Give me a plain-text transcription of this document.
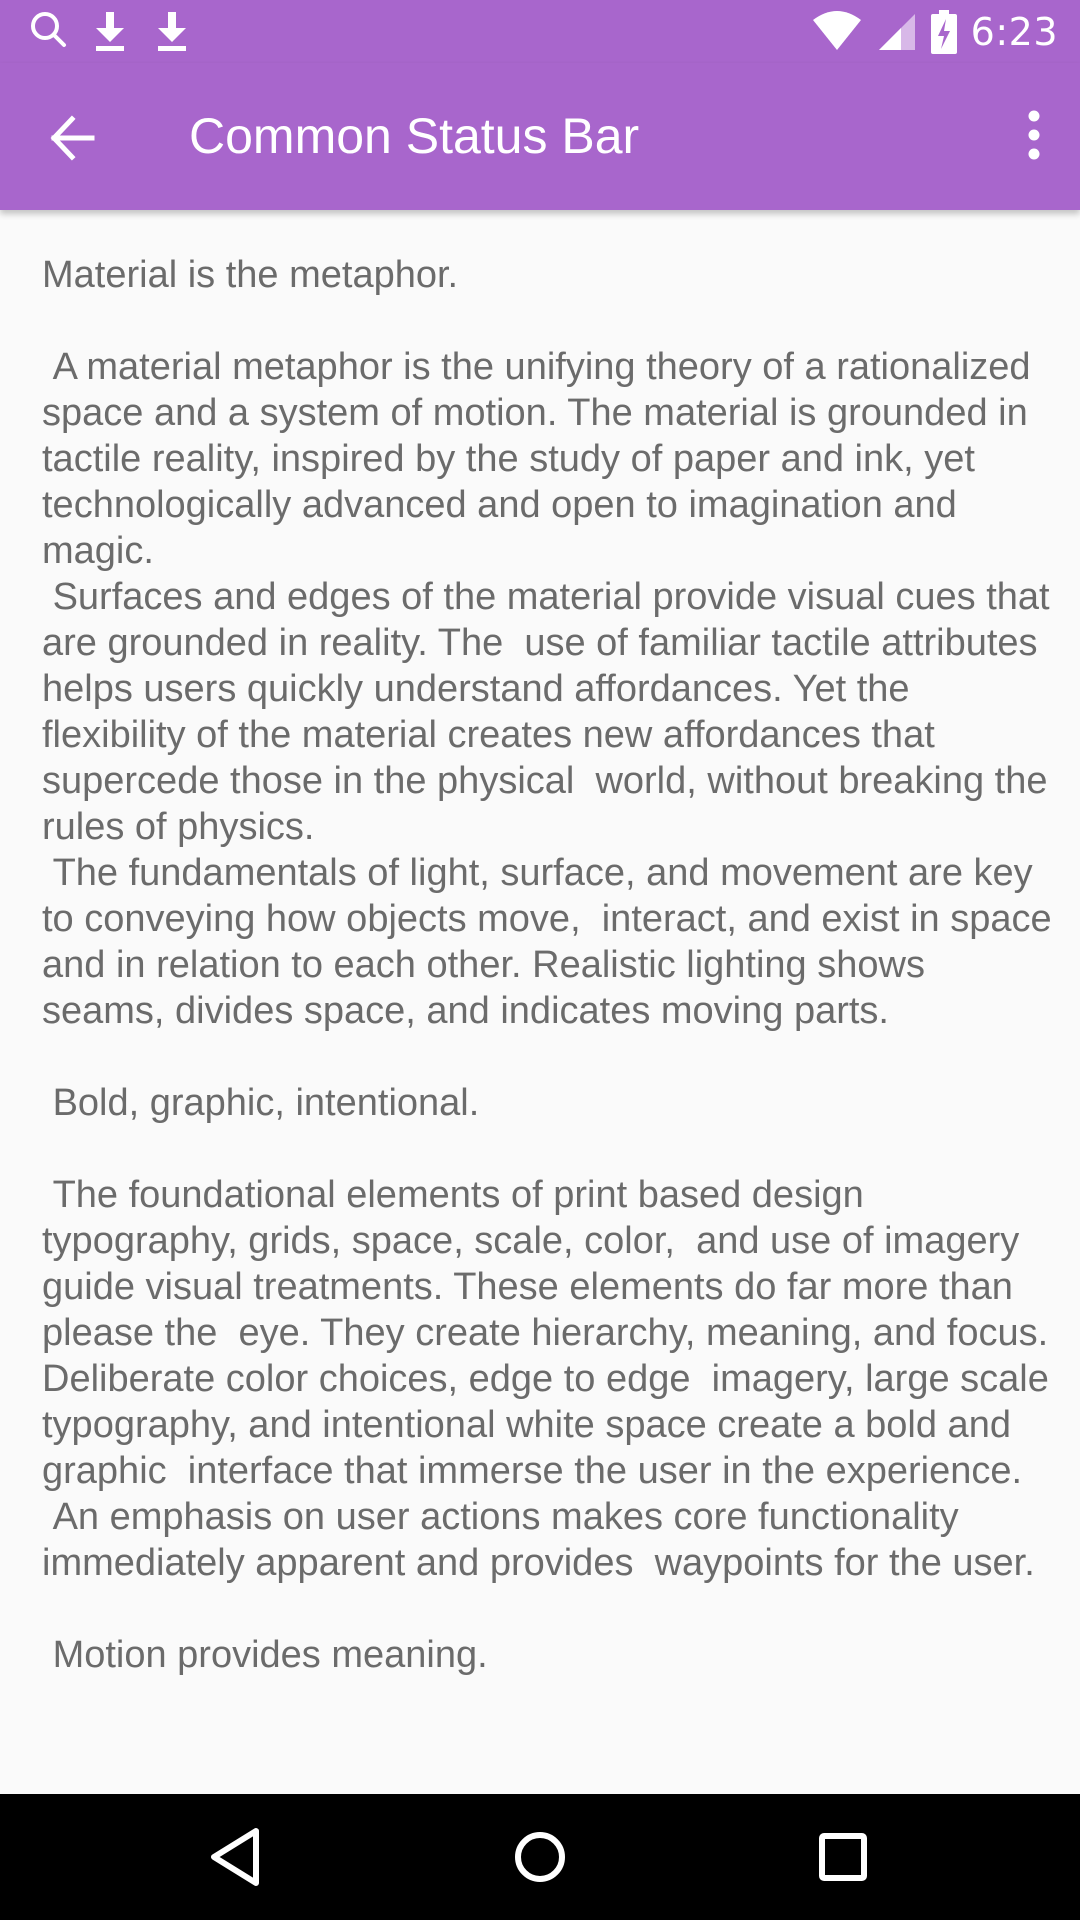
6:23
Common Status Bar
Material is the metaphor.

A material metaphor is the unifying theory of a rationalized space and a system of motion. The material is grounded in tactile reality, inspired by the study of paper and ink, yet  technologically advanced and open to imagination and magic.
Surfaces and edges of the material provide visual cues that are grounded in reality. The  use of familiar tactile attributes helps users quickly understand affordances. Yet the  flexibility of the material creates new affordances that supercede those in the physical  world, without breaking the rules of physics.
The fundamentals of light, surface, and movement are key to conveying how objects move,  interact, and exist in space and in relation to each other. Realistic lighting shows  seams, divides space, and indicates moving parts.

Bold, graphic, intentional.

The foundational elements of print based design typography, grids, space, scale, color,  and use of imagery guide visual treatments. These elements do far more than please the  eye. They create hierarchy, meaning, and focus. Deliberate color choices, edge to edge  imagery, large scale typography, and intentional white space create a bold and graphic  interface that immerse the user in the experience.
An emphasis on user actions makes core functionality immediately apparent and provides  waypoints for the user.

Motion provides meaning.
